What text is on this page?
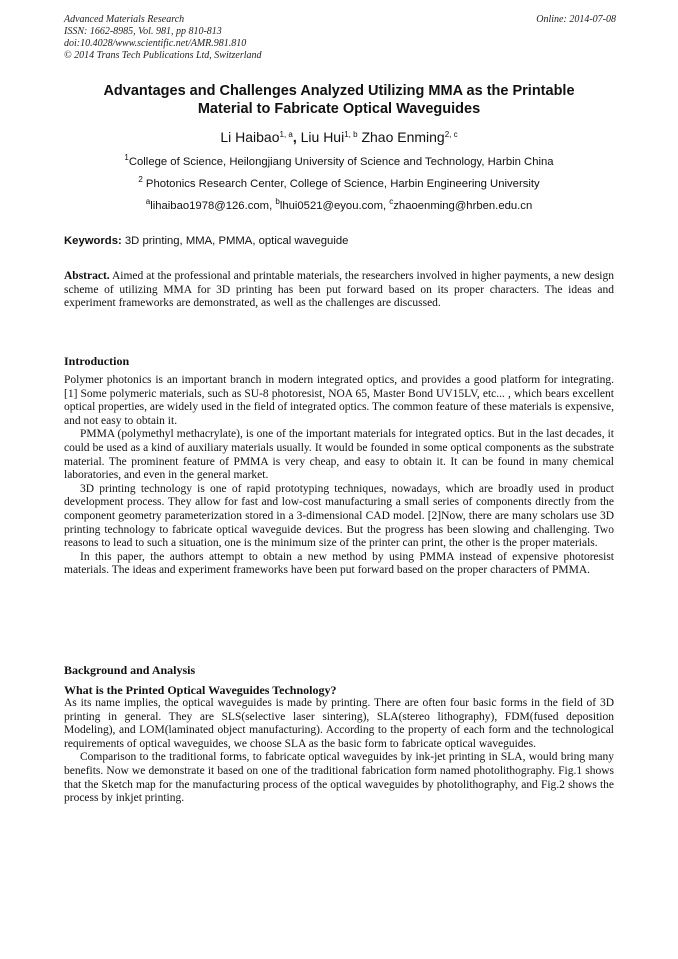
Advanced Materials Research
ISSN: 1662-8985, Vol. 981, pp 810-813
doi:10.4028/www.scientific.net/AMR.981.810
© 2014 Trans Tech Publications Ltd, Switzerland
Online: 2014-07-08
Advantages and Challenges Analyzed Utilizing MMA as the Printable
Material to Fabricate Optical Waveguides
Li Haibao$^{1, a}$, Liu Hui$^{1, b}$ Zhao Enming$^{2, c}$
$^1$College of Science, Heilongjiang University of Science and Technology, Harbin China
$^2$ Photonics Research Center, College of Science, Harbin Engineering University
$^a$lihaibao1978@126.com, $^b$lhui0521@eyou.com, $^c$zhaoenming@hrben.edu.cn
Keywords: 3D printing, MMA, PMMA, optical waveguide
Abstract. Aimed at the professional and printable materials, the researchers involved in higher payments, a new design scheme of utilizing MMA for 3D printing has been put forward based on its proper characters. The ideas and experiment frameworks are demonstrated, as well as the challenges are discussed.
Introduction

Polymer photonics is an important branch in modern integrated optics, and provides a good platform for integrating. [1] Some polymeric materials, such as SU-8 photoresist, NOA 65, Master Bond UV15LV, etc... , which bears excellent optical properties, are widely used in the field of integrated optics. The common feature of these materials is expensive, and not easy to obtain it.

PMMA (polymethyl methacrylate), is one of the important materials for integrated optics. But in the last decades, it could be used as a kind of auxiliary materials usually. It would be founded in some optical components as the substrate material. The prominent feature of PMMA is very cheap, and easy to obtain it. It can be found in many chemical laboratories, and even in the general market.

3D printing technology is one of rapid prototyping techniques, nowadays, which are broadly used in product development process. They allow for fast and low-cost manufacturing a small series of components directly from the component geometry parameterization stored in a 3-dimensional CAD model. [2]Now, there are many scholars use 3D printing technology to fabricate optical waveguide devices. But the progress has been slowing and challenging. Two reasons to lead to such a situation, one is the minimum size of the printer can print, the other is the proper materials.

In this paper, the authors attempt to obtain a new method by using PMMA instead of expensive photoresist materials. The ideas and experiment frameworks have been put forward based on the proper characters of PMMA.

Background and Analysis
What is the Printed Optical Waveguides Technology?

As its name implies, the optical waveguides is made by printing. There are often four basic forms in the field of 3D printing in general. They are SLS(selective laser sintering), SLA(stereo lithography), FDM(fused deposition Modeling), and LOM(laminated object manufacturing). According to the property of each form and the technological requirements of optical waveguides, we choose SLA as the basic form to fabricate optical waveguides.

Comparison to the traditional forms, to fabricate optical waveguides by ink-jet printing in SLA, would bring many benefits. Now we demonstrate it based on one of the traditional fabrication form named photolithography. Fig.1 shows that the Sketch map for the manufacturing process of the optical waveguides by photolithography, and Fig.2 shows the process by inkjet printing.
